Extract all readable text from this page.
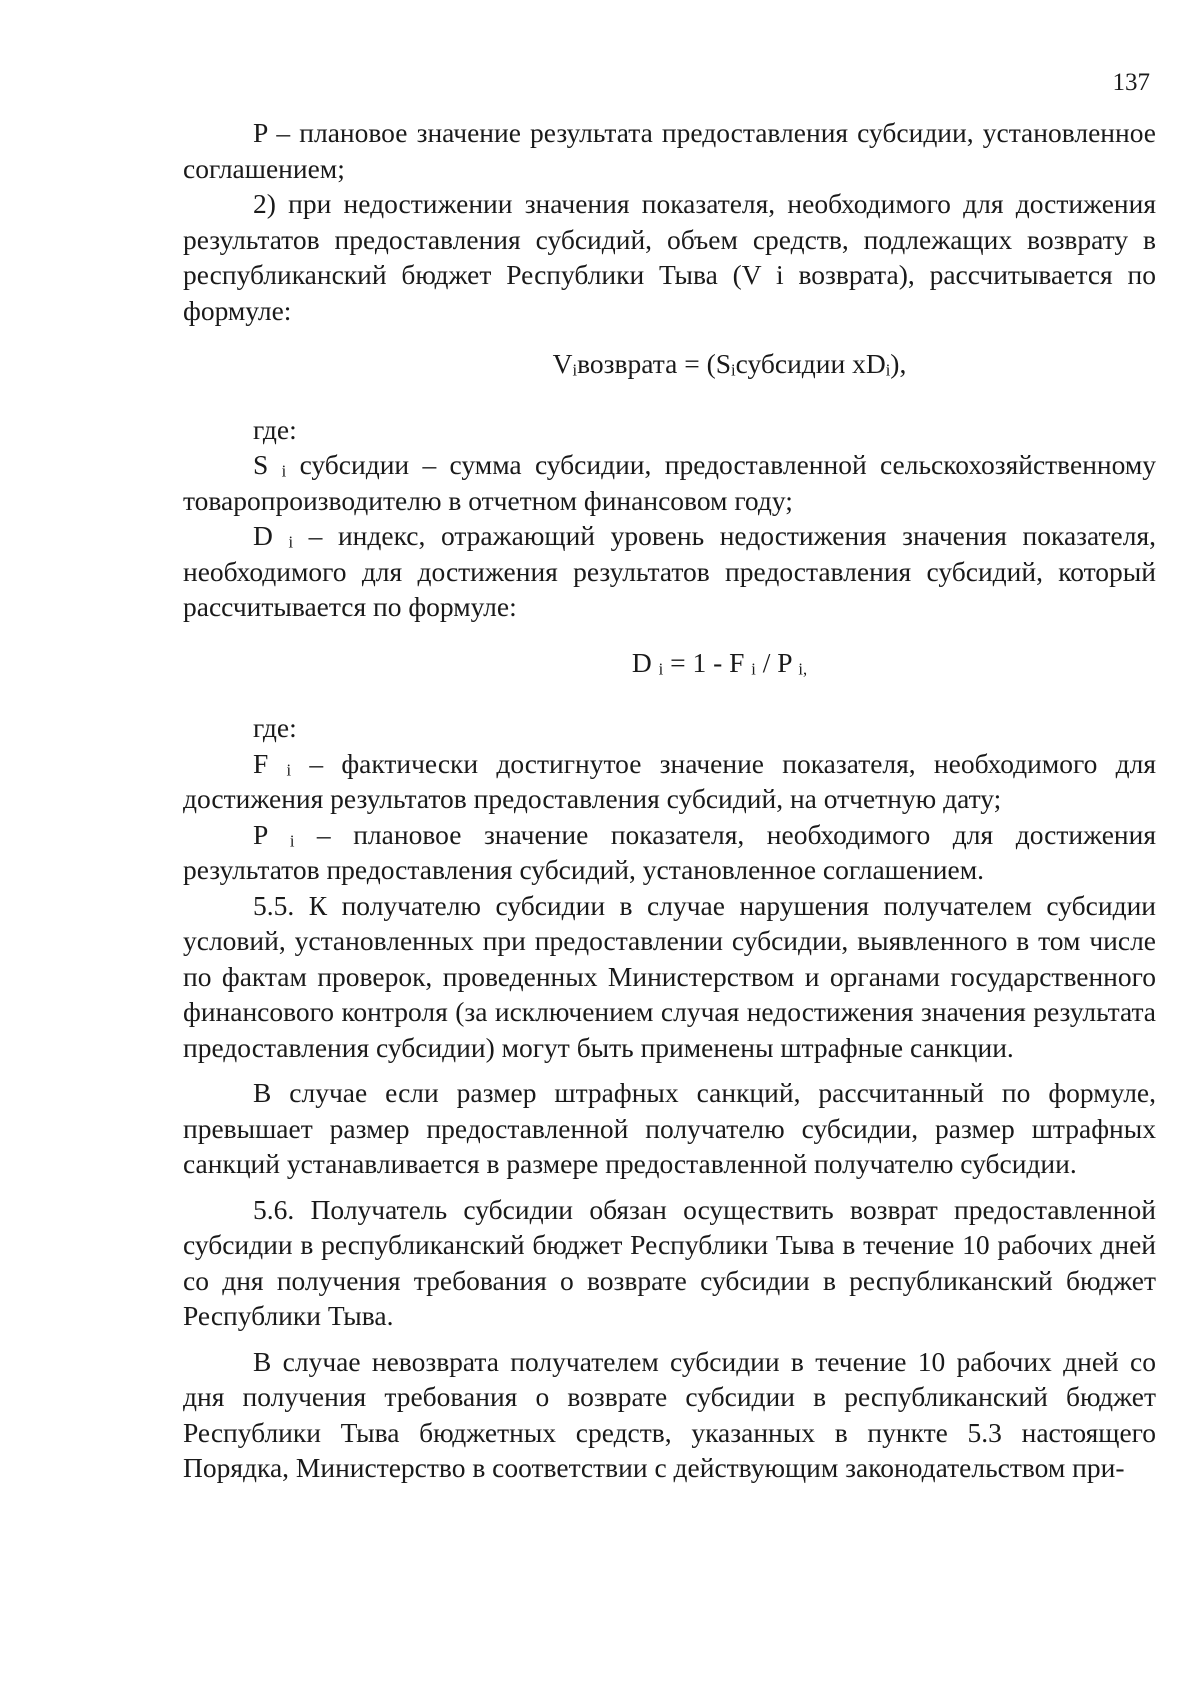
137

P – плановое значение результата предоставления субсидии, установленное соглашением;

2) при недостижении значения показателя, необходимого для достижения результатов предоставления субсидий, объем средств, подлежащих возврату в республиканский бюджет Республики Тыва (V i возврата), рассчитывается по формуле:

$V_iвозврата$ = ($S_iсубсидии$ $xD_i$),

где:

S $_i$ субсидии – сумма субсидии, предоставленной сельскохозяйственному товаропроизводителю в отчетном финансовом году;

D $_i$ – индекс, отражающий уровень недостижения значения показателя, необходимого для достижения результатов предоставления субсидий, который рассчитывается по формуле:

D $_i$ = 1 - F $_i$ / P $_{i,}$

где:

F $_i$ – фактически достигнутое значение показателя, необходимого для достижения результатов предоставления субсидий, на отчетную дату;

P $_i$ – плановое значение показателя, необходимого для достижения результатов предоставления субсидий, установленное соглашением.

5.5. К получателю субсидии в случае нарушения получателем субсидии условий, установленных при предоставлении субсидии, выявленного в том числе по фактам проверок, проведенных Министерством и органами государственного финансового контроля (за исключением случая недостижения значения результата предоставления субсидии) могут быть применены штрафные санкции.

В случае если размер штрафных санкций, рассчитанный по формуле, превышает размер предоставленной получателю субсидии, размер штрафных санкций устанавливается в размере предоставленной получателю субсидии.

5.6. Получатель субсидии обязан осуществить возврат предоставленной субсидии в республиканский бюджет Республики Тыва в течение 10 рабочих дней со дня получения требования о возврате субсидии в республиканский бюджет Республики Тыва.

В случае невозврата получателем субсидии в течение 10 рабочих дней со дня получения требования о возврате субсидии в республиканский бюджет Республики Тыва бюджетных средств, указанных в пункте 5.3 настоящего Порядка, Министерство в соответствии с действующим законодательством при-
